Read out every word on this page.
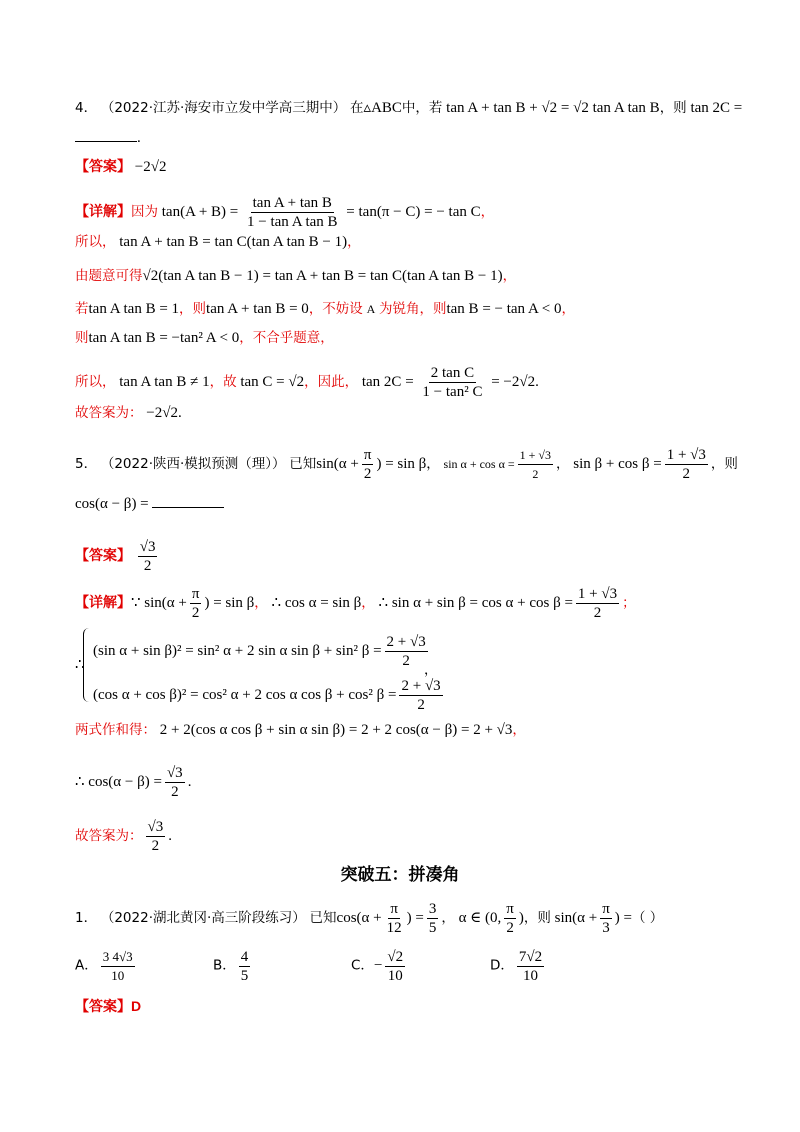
4． （2022·江苏·海安市立发中学高三期中） 在▵ABC中，若 tan A + tan B + √2 = √2 tan A tan B，则 tan 2C =
.
【答案】 −2√2
【详解】因为 $\tan(A + B) = \frac{\text{tan A + tan B}}{\text{1 − tan A tan B}} = \tan(\pi - C)$ = − tan C，
所以， tan A + tan B = tan C(tan A tan B − 1)，
由题意可得√2(tan A tan B − 1) = tan A + tan B = tan C(tan A tan B − 1)，
若tan A tan B = 1，则tan A + tan B = 0，不妨设 A 为锐角，则tan B = − tan A < 0，
则tan A tan B = −tan² A < 0，不合乎题意，
所以， tan A tan B ≠ 1，故 tan C = √2，因此， $\tan 2C = \frac{\text{2 tan C}}{\text{1 − tan² C}} = -2√2$.
故答案为： −2√2.
5． （2022·陕西·模拟预测（理）） 已知$\sin(\alpha + \frac{\pi}{2}$ ) = sin β， $\sin \alpha + \cos \alpha = \frac{1 + √3}{2}$ ， $\sin \beta + \cos \beta = \frac{1 + √3}{2}$ ，则
cos(α − β) =
【答案】 $\frac{√3}{2}$
【详解】∵ $\sin(\alpha + \frac{\pi}{2}$ ) = sin β， ∴ cos α = sin β， ∴ $\sin \alpha + \sin \beta = \cos \alpha + \cos \beta = \frac{1 + √3}{2}$ ；
∴
(sin α + sin β)² = sin² α + 2 sin α sin β + sin² $\beta = \frac{2 + √3}{2}$
(cos α + cos β)² = cos² α + 2 cos α cos β + cos² $\beta = \frac{2 + √3}{2}$
，
两式作和得： 2 + 2(cos α cos β + sin α sin β) = 2 + 2 cos(α − β) = 2 + √3，
∴ $\cos(\alpha - \beta) = \frac{√3}{2}$ .
故答案为： $\frac{√3}{2}$ .
突破五：拼凑角
1． （2022·湖北黄冈·高三阶段练习） 已知$\cos(\alpha + \frac{\pi}{12}$ ) = $\frac{3}{5}$ ， α ∈ (0, $\frac{\pi}{2}$ )，则 $\sin(\alpha + \frac{\pi}{3}$ ) =（ ）
A． $\frac{3 4√3}{10}$	B． $\frac{4}{5}$	C．− $\frac{√2}{10}$	D． $\frac{7√2}{10}$
【答案】D
